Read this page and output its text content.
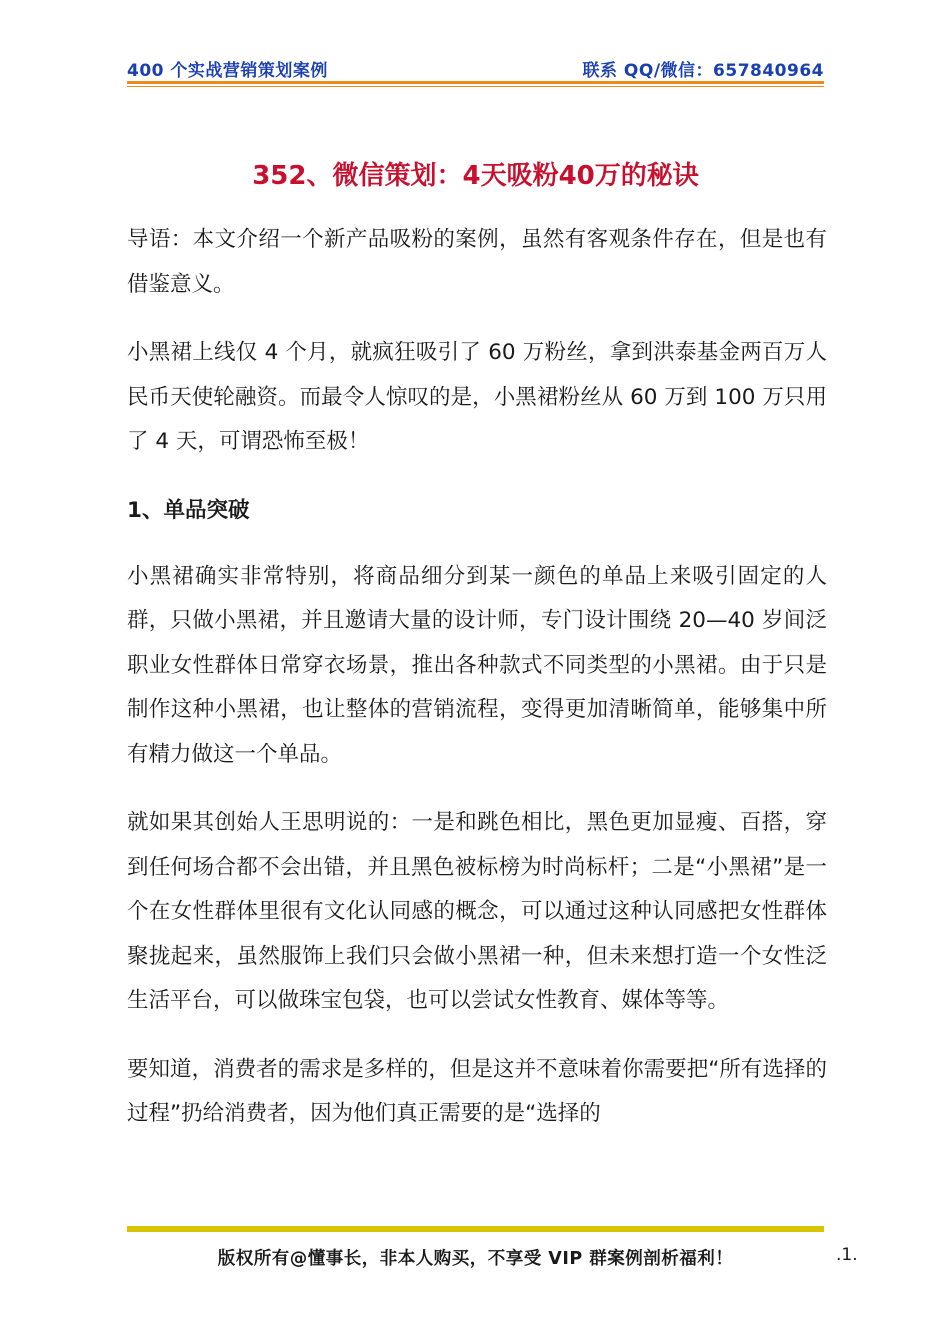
400 个实战营销策划案例	联系 QQ/微信：657840964
352、微信策划：4天吸粉40万的秘诀

导语：本文介绍一个新产品吸粉的案例，虽然有客观条件存在，但是也有借鉴意义。

小黑裙上线仅 4 个月，就疯狂吸引了 60 万粉丝，拿到洪泰基金两百万人民币天使轮融资。而最令人惊叹的是，小黑裙粉丝从 60 万到 100 万只用了 4 天，可谓恐怖至极！

1、单品突破

小黑裙确实非常特别，将商品细分到某一颜色的单品上来吸引固定的人群，只做小黑裙，并且邀请大量的设计师，专门设计围绕 20—40 岁间泛职业女性群体日常穿衣场景，推出各种款式不同类型的小黑裙。由于只是制作这种小黑裙，也让整体的营销流程，变得更加清晰简单，能够集中所有精力做这一个单品。

就如果其创始人王思明说的：一是和跳色相比，黑色更加显瘦、百搭，穿到任何场合都不会出错，并且黑色被标榜为时尚标杆；二是“小黑裙”是一个在女性群体里很有文化认同感的概念，可以通过这种认同感把女性群体聚拢起来，虽然服饰上我们只会做小黑裙一种，但未来想打造一个女性泛生活平台，可以做珠宝包袋，也可以尝试女性教育、媒体等等。

要知道，消费者的需求是多样的，但是这并不意味着你需要把“所有选择的过程”扔给消费者，因为他们真正需要的是“选择的

版权所有@懂事长，非本人购买，不享受 VIP 群案例剖析福利！	.1.
